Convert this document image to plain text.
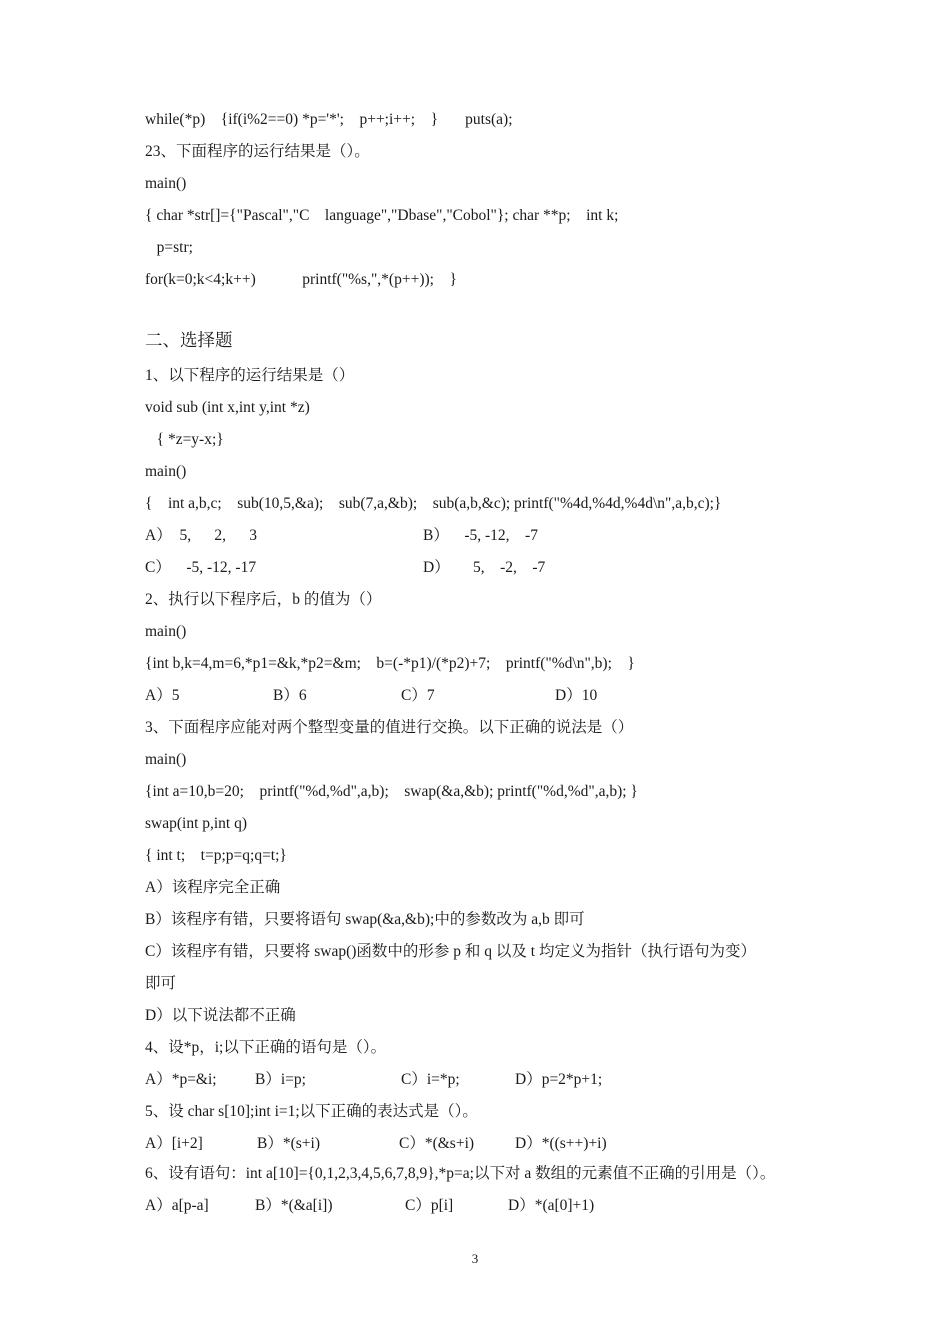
while(*p)    {if(i%2==0) *p='*';    p++;i++;    }       puts(a);
23、下面程序的运行结果是（）。
main()
{ char *str[]={"Pascal","C    language","Dbase","Cobol"}; char **p;    int k;
p=str;
for(k=0;k<4;k++)            printf("%s,",*(p++));    }
二、选择题
1、以下程序的运行结果是（）
void sub (int x,int y,int *z)
{ *z=y-x;}
main()
{    int a,b,c;    sub(10,5,&a);    sub(7,a,&b);    sub(a,b,&c); printf("%4d,%4d,%4d\n",a,b,c);}
A）  5,      2,      3	B）    -5, -12,    -7
C）    -5, -12, -17	D）      5,    -2,    -7
2、执行以下程序后，b 的值为（）
main()
{int b,k=4,m=6,*p1=&k,*p2=&m;    b=(-*p1)/(*p2)+7;    printf("%d\n",b);    }
A）5	B）6	C）7	D）10
3、下面程序应能对两个整型变量的值进行交换。以下正确的说法是（）
main()
{int a=10,b=20;    printf("%d,%d",a,b);    swap(&a,&b); printf("%d,%d",a,b); }
swap(int p,int q)
{ int t;    t=p;p=q;q=t;}
A）该程序完全正确
B）该程序有错，只要将语句 swap(&a,&b);中的参数改为 a,b 即可
C）该程序有错，只要将 swap()函数中的形参 p 和 q 以及 t 均定义为指针（执行语句为变）
即可
D）以下说法都不正确
4、设*p，i;以下正确的语句是（）。
A）*p=&i; B）i=p;	C）i=*p;	D）p=2*p+1;
5、设 char s[10];int i=1;以下正确的表达式是（）。
A）[i+2]	B）*(s+i)	C）*(&s+i)	D）*((s++)+i)
6、设有语句：int a[10]={0,1,2,3,4,5,6,7,8,9},*p=a;以下对 a 数组的元素值不正确的引用是（）。
A）a[p-a]	B）*(&a[i])	C）p[i]	D）*(a[0]+1)
3
